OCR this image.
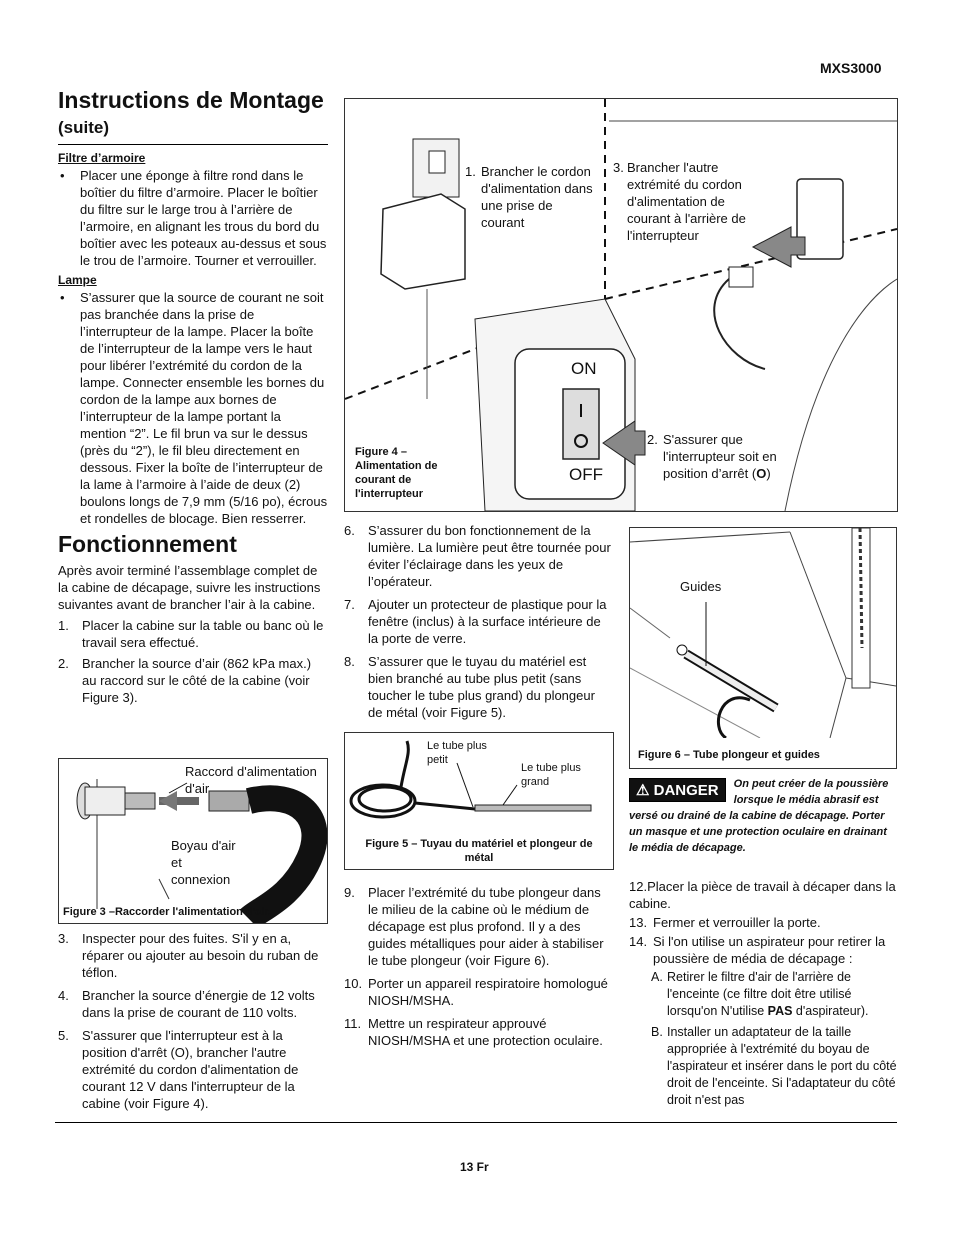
MXS3000
Instructions de Montage (suite)
Filtre d’armoire
• Placer une éponge à filtre rond dans le boîtier du filtre d’armoire. Placer le boîtier du filtre sur le large trou à l’arrière de l’armoire, en alignant les trous du bord du boîtier avec les poteaux au-dessus et sous le trou de l’armoire. Tourner et verrouiller.
Lampe
• S’assurer que la source de courant ne soit pas branchée dans la prise de l’interrupteur de la lampe. Placer la boîte de l’interrupteur de la lampe vers le haut pour libérer l’extrémité du cordon de la lampe. Connecter ensemble les bornes du cordon de la lampe aux bornes de l’interrupteur de la lampe portant la mention “2”. Le fil brun va sur le dessus (près du “2”), le fil bleu directement en dessous. Fixer la boîte de l’interrupteur de la lame à l’armoire à l’aide de deux (2) boulons longs de 7,9 mm (5/16 po), écrous et rondelles de blocage. Bien resserrer.
Fonctionnement
Après avoir terminé l’assemblage complet de la cabine de décapage, suivre les instructions suivantes avant de brancher l’air à la cabine.
1. Placer la cabine sur la table ou banc où le travail sera effectué.
2. Brancher la source d’air (862 kPa max.) au raccord sur le côté de la cabine (voir Figure 3).
Raccord d'alimentation d'air
Boyau d'air et connexion
Figure 3 –Raccorder l'alimentation d'air.
3. Inspecter pour des fuites. S'il y en a, réparer ou ajouter au besoin du ruban de téflon.
4. Brancher la source d’énergie de 12 volts dans la prise de courant de 110 volts.
5. S'assurer que l'interrupteur est à la position d'arrêt (O), brancher l'autre extrémité du cordon d'alimentation de courant 12 V dans l'interrupteur de la cabine (voir Figure 4).
1. Brancher le cordon d'alimentation dans une prise de courant
3. Brancher l'autre extrémité du cordon d'alimentation de courant à l'arrière de l'interrupteur
2. S'assurer que l'interrupteur soit en position d’arrêt (O)
ON
OFF
Figure 4 – Alimentation de courant de l'interrupteur
6. S’assurer du bon fonctionnement de la lumière. La lumière peut être tournée pour éviter l’éclairage dans les yeux de l’opérateur.
7. Ajouter un protecteur de plastique pour la fenêtre (inclus) à la surface intérieure de la porte de verre.
8. S’assurer que le tuyau du matériel est bien branché au tube plus petit (sans toucher le tube plus grand) du plongeur de métal (voir Figure 5).
Le tube plus petit
Le tube plus grand
Figure 5 – Tuyau du matériel et plongeur de métal
9. Placer l’extrémité du tube plongeur dans le milieu de la cabine où le médium de décapage est plus profond. Il y a des guides métalliques pour aider à stabiliser le tube plongeur (voir Figure 6).
10. Porter un appareil respiratoire homologué NIOSH/MSHA.
11. Mettre un respirateur approuvé NIOSH/MSHA et une protection oculaire.
Guides
Figure 6 – Tube plongeur et guides
⚠ DANGER	On peut créer de la poussière lorsque le média abrasif est versé ou drainé de la cabine de décapage. Porter un masque et une protection oculaire en drainant le média de décapage.
12.Placer la pièce de travail à décaper dans la cabine.
13. Fermer et verrouiller la porte.
14. Si l'on utilise un aspirateur pour retirer la poussière de média de décapage :
A. Retirer le filtre d'air de l'arrière de l'enceinte (ce filtre doit être utilisé lorsqu'on N'utilise PAS d'aspirateur).
B. Installer un adaptateur de la taille appropriée à l'extrémité du boyau de l'aspirateur et insérer dans le port du côté droit de l'enceinte. Si l'adaptateur du côté droit n'est pas
13 Fr
